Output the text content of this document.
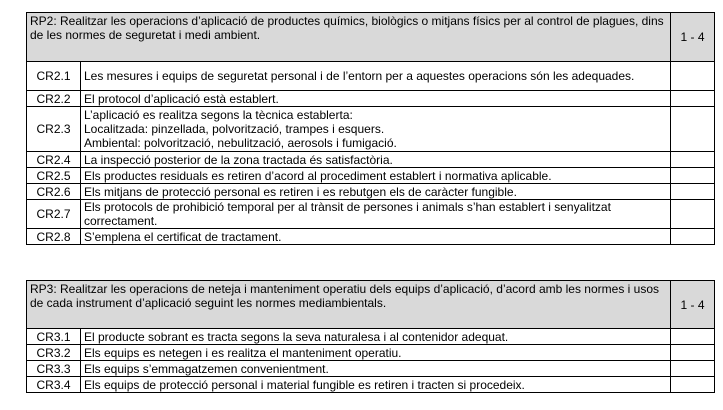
RP2: Realitzar les operacions d’aplicació de productes químics, biològics o mitjans físics per al control de plagues, dins de les normes de seguretat i medi ambient.		1 - 4
CR2.1	Les mesures i equips de seguretat personal i de l’entorn per a aquestes operacions són les adequades.	
CR2.2	El protocol d’aplicació està establert.	
CR2.3	L’aplicació es realitza segons la tècnica establerta:
Localitzada: pinzellada, polvorització, trampes i esquers.
Ambiental: polvorització, nebulització, aerosols i fumigació.	
CR2.4	La inspecció posterior de la zona tractada és satisfactòria.	
CR2.5	Els productes residuals es retiren d’acord al procediment establert i normativa aplicable.	
CR2.6	Els mitjans de protecció personal es retiren i es rebutgen els de caràcter fungible.	
CR2.7	Els protocols de prohibició temporal per al trànsit de persones i animals s’han establert i senyalitzat correctament.	
CR2.8	S’emplena el certificat de tractament.	
RP3: Realitzar les operacions de neteja i manteniment operatiu dels equips d’aplicació, d’acord amb les normes i usos de cada instrument d’aplicació seguint les normes mediambientals.		1 - 4
CR3.1	El producte sobrant es tracta segons la seva naturalesa i al contenidor adequat.	
CR3.2	Els equips es netegen i es realitza el manteniment operatiu.	
CR3.3	Els equips s’emmagatzemen convenientment.	
CR3.4	Els equips de protecció personal i material fungible es retiren i tracten si procedeix.	
